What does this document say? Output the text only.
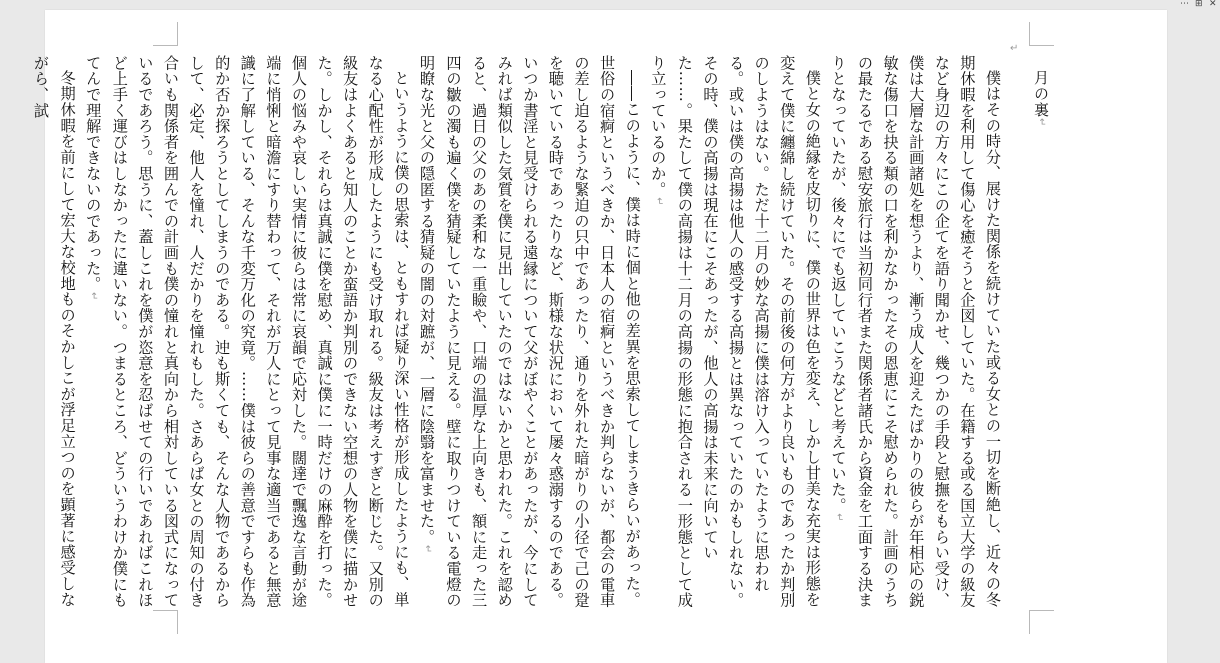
⋯ ⊞ ✕
↵
月の裏↵

僕はその時分、展けた関係を続けていた或る女との一切を断絶し、近々の冬期休暇を利用して傷心を癒そうと企図していた。在籍する或る国立大学の級友など身辺の方々にこの企てを語り聞かせ、幾つかの手段と慰撫をもらい受け、僕は大層な計画諸処を想うより、漸う成人を迎えたばかりの彼らが年相応の鋭敏な傷口を抉る類の口を利かなかったその恩恵にこそ慰められた。計画のうちの最たるである慰安旅行は当初同行者また関係者諸氏から資金を工面する決まりとなっていたが、後々にでも返していこうなどと考えていた。↵

僕と女の絶縁を皮切りに、僕の世界は色を変え、しかし甘美な充実は形態を変えて僕に纏綿し続けていた。その前後の何方がより良いものであったか判別のしようはない。ただ十二月の妙な高揚に僕は溶け入っていたように思われる。或いは僕の高揚は他人の感受する高揚とは異なっていたのかもしれない。その時、僕の高揚は現在にこそあったが、他人の高揚は未来に向いていた……。果たして僕の高揚は十二月の高揚の形態に抱合される一形態として成り立っているのか。↵

――このように、僕は時に個と他の差異を思索してしまうきらいがあった。世俗の宿痾というべきか、日本人の宿痾というべきか判らないが、都会の電車の差し迫るような緊迫の只中であったり、通りを外れた暗がりの小径で己の跫を聴いている時であったりなど、斯様な状況において屡々惑溺するのである。いつか書淫と見受けられる遠縁について父がぼやくことがあったが、今にしてみれば類似した気質を僕に見出していたのではないかと思われた。これを認めると、過日の父のあの柔和な一重瞼や、口端の温厚な上向きも、額に走った三四の皺の濁も遍く僕を猜疑していたように見える。壁に取りつけている電燈の明瞭な光と父の隠匿する猜疑の闇の対蹠が、一層に陰翳を富ませた。↵

というように僕の思索は、ともすれば疑り深い性格が形成したようにも、単なる心配性が形成したようにも受け取れる。級友は考えすぎと断じた。又別の級友はよくあると知人のことか蛮語か判別のできない空想の人物を僕に描かせた。しかし、それらは真誠に僕を慰め、真誠に僕に一時だけの麻酔を打った。個人の悩みや哀しい実情に彼らは常に哀韻で応対した。闊達で飄逸な言動が途端に悄悧と暗澹にすり替わって、それが万人にとって見事な適当であると無意識に了解している、そんな千変万化の究竟。……僕は彼らの善意ですらも作為的か否か探ろうとしてしまうのである。迚も斯くても、そんな人物であるからして、必定、他人を憧れ、人だかりを憧れもした。さあらば女との周知の付き合いも関係者を囲んでの計画も僕の憧れと真向から相対している図式になっているであろう。思うに、蓋しこれを僕が恣意を忍ばせての行いであればこれほど上手く運びはしなかったに違いない。つまるところ、どういうわけか僕にもてんで理解できないのであった。↵

冬期休暇を前にして宏大な校地ものそかしこが浮足立つのを顕著に感受しながら、試
